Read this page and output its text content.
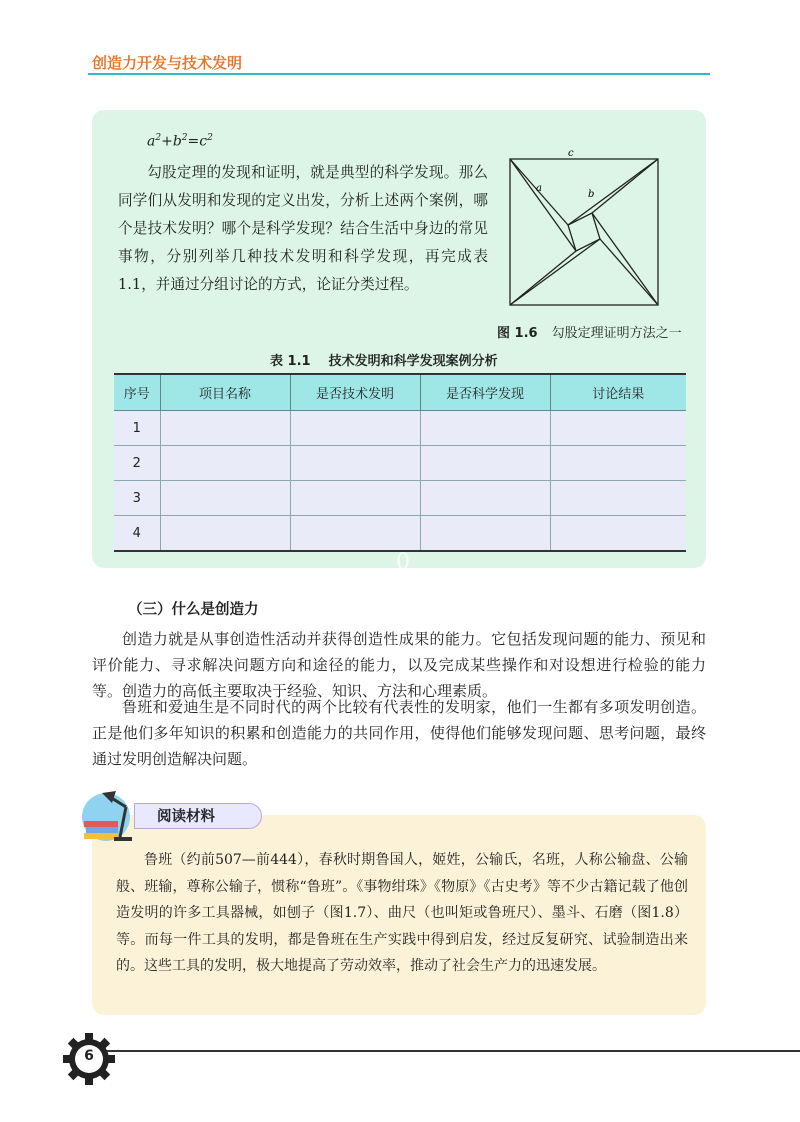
创造力开发与技术发明
$a^2+b^2=c^2$

勾股定理的发现和证明，就是典型的科学发现。那么同学们从发明和发现的定义出发，分析上述两个案例，哪个是技术发明？哪个是科学发现？结合生活中身边的常见事物，分别列举几种技术发明和科学发现，再完成表 1.1，并通过分组讨论的方式，论证分类过程。

c
a
b
图 1.6 勾股定理证明方法之一
表 1.1 技术发明和科学发现案例分析
序号	项目名称	是否技术发明	是否科学发现	讨论结果
1				
2				
3				
4				
0
（三）什么是创造力

创造力就是从事创造性活动并获得创造性成果的能力。它包括发现问题的能力、预见和评价能力、寻求解决问题方向和途径的能力，以及完成某些操作和对设想进行检验的能力等。创造力的高低主要取决于经验、知识、方法和心理素质。

鲁班和爱迪生是不同时代的两个比较有代表性的发明家，他们一生都有多项发明创造。正是他们多年知识的积累和创造能力的共同作用，使得他们能够发现问题、思考问题，最终通过发明创造解决问题。

阅读材料

鲁班（约前507—前444），春秋时期鲁国人，姬姓，公输氏，名班，人称公输盘、公输般、班输，尊称公输子，惯称“鲁班”。《事物绀珠》《物原》《古史考》等不少古籍记载了他创造发明的许多工具器械，如刨子（图1.7）、曲尺（也叫矩或鲁班尺）、墨斗、石磨（图1.8）等。而每一件工具的发明，都是鲁班在生产实践中得到启发，经过反复研究、试验制造出来的。这些工具的发明，极大地提高了劳动效率，推动了社会生产力的迅速发展。

6
